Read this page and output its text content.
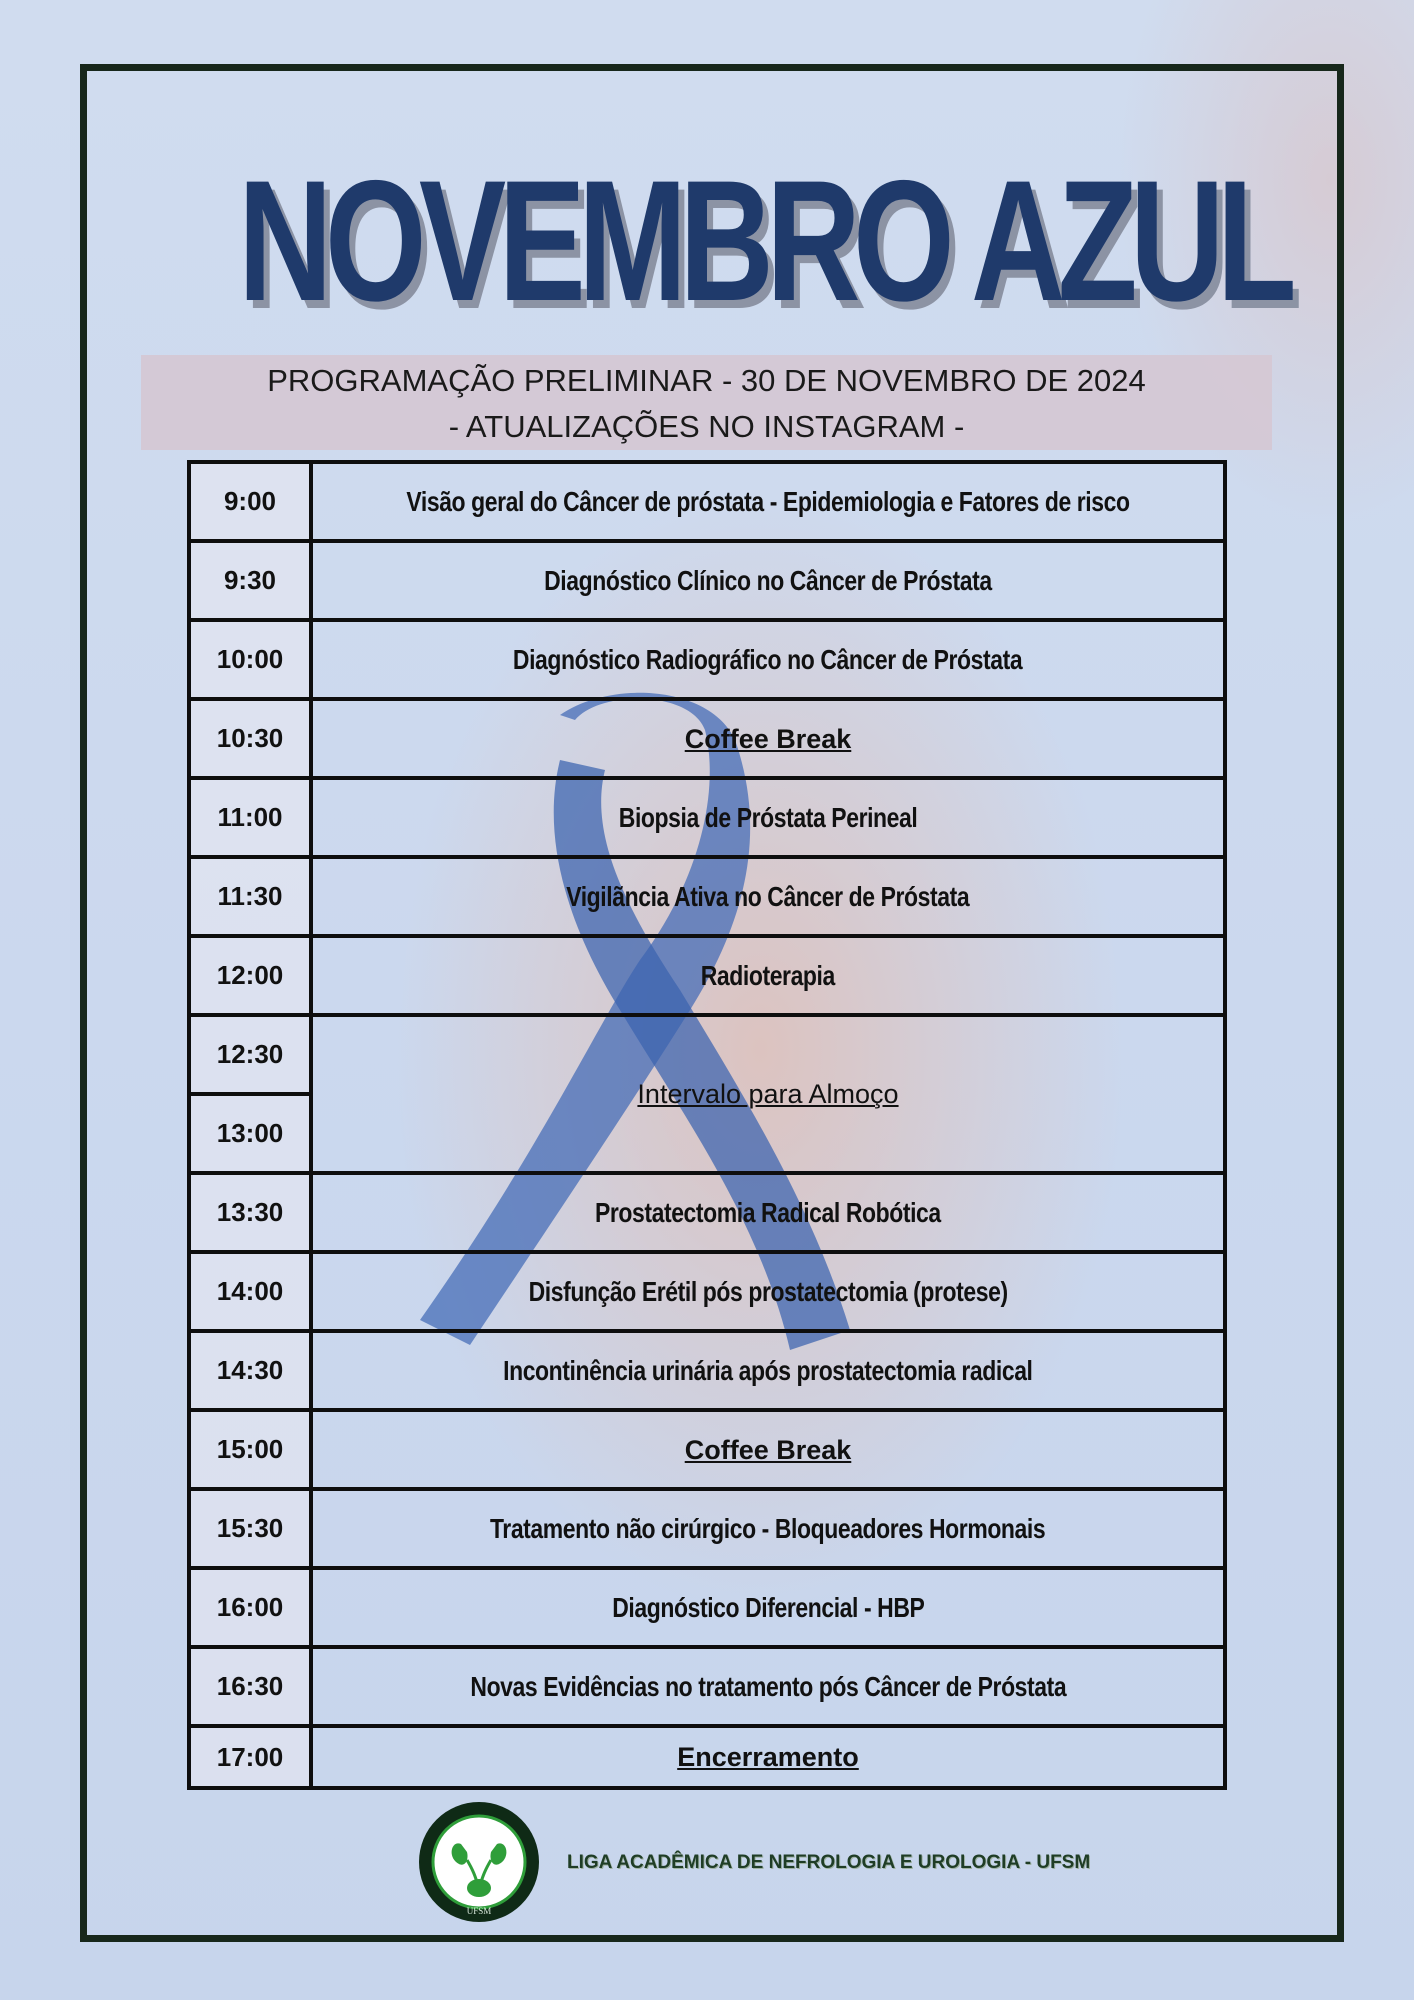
NOVEMBRO AZUL
PROGRAMAÇÃO PRELIMINAR - 30 DE NOVEMBRO DE 2024
- ATUALIZAÇÕES NO INSTAGRAM -
9:00	Visão geral do Câncer de próstata - Epidemiologia e Fatores de risco
9:30	Diagnóstico Clínico no Câncer de Próstata
10:00	Diagnóstico Radiográfico no Câncer de Próstata
10:30	Coffee Break
11:00	Biopsia de Próstata Perineal
11:30	Vigilãncia Ativa no Câncer de Próstata
12:00	Radioterapia
12:30	Intervalo para Almoço
13:00	
13:30	Prostatectomia Radical Robótica
14:00	Disfunção Erétil pós prostatectomia (protese)
14:30	Incontinência urinária após prostatectomia radical
15:00	Coffee Break
15:30	Tratamento não cirúrgico - Bloqueadores Hormonais
16:00	Diagnóstico Diferencial - HBP
16:30	Novas Evidências no tratamento pós Câncer de Próstata
17:00	Encerramento
UFSM
LIGA ACADÊMICA DE NEFROLOGIA E UROLOGIA - UFSM
